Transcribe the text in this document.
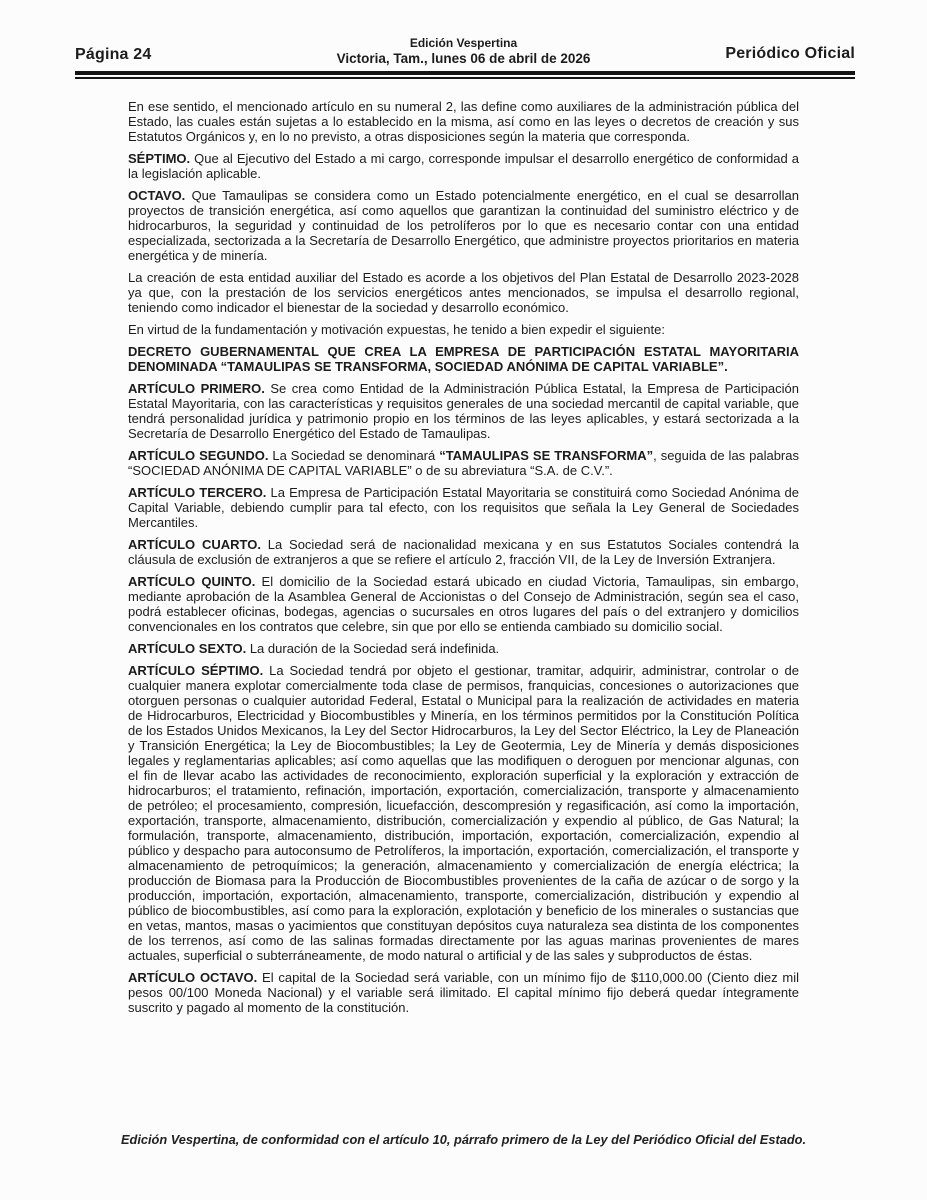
Página 24
Edición Vespertina
Victoria, Tam., lunes 06 de abril de 2026	Periódico Oficial

En ese sentido, el mencionado artículo en su numeral 2, las define como auxiliares de la administración pública del Estado, las cuales están sujetas a lo establecido en la misma, así como en las leyes o decretos de creación y sus Estatutos Orgánicos y, en lo no previsto, a otras disposiciones según la materia que corresponda.

SÉPTIMO. Que al Ejecutivo del Estado a mi cargo, corresponde impulsar el desarrollo energético de conformidad a la legislación aplicable.

OCTAVO. Que Tamaulipas se considera como un Estado potencialmente energético, en el cual se desarrollan proyectos de transición energética, así como aquellos que garantizan la continuidad del suministro eléctrico y de hidrocarburos, la seguridad y continuidad de los petrolíferos por lo que es necesario contar con una entidad especializada, sectorizada a la Secretaría de Desarrollo Energético, que administre proyectos prioritarios en materia energética y de minería.

La creación de esta entidad auxiliar del Estado es acorde a los objetivos del Plan Estatal de Desarrollo 2023-2028 ya que, con la prestación de los servicios energéticos antes mencionados, se impulsa el desarrollo regional, teniendo como indicador el bienestar de la sociedad y desarrollo económico.

En virtud de la fundamentación y motivación expuestas, he tenido a bien expedir el siguiente:

DECRETO GUBERNAMENTAL QUE CREA LA EMPRESA DE PARTICIPACIÓN ESTATAL MAYORITARIA DENOMINADA “TAMAULIPAS SE TRANSFORMA, SOCIEDAD ANÓNIMA DE CAPITAL VARIABLE”.

ARTÍCULO PRIMERO. Se crea como Entidad de la Administración Pública Estatal, la Empresa de Participación Estatal Mayoritaria, con las características y requisitos generales de una sociedad mercantil de capital variable, que tendrá personalidad jurídica y patrimonio propio en los términos de las leyes aplicables, y estará sectorizada a la Secretaría de Desarrollo Energético del Estado de Tamaulipas.

ARTÍCULO SEGUNDO. La Sociedad se denominará “TAMAULIPAS SE TRANSFORMA”, seguida de las palabras “SOCIEDAD ANÓNIMA DE CAPITAL VARIABLE” o de su abreviatura “S.A. de C.V.”.

ARTÍCULO TERCERO. La Empresa de Participación Estatal Mayoritaria se constituirá como Sociedad Anónima de Capital Variable, debiendo cumplir para tal efecto, con los requisitos que señala la Ley General de Sociedades Mercantiles.

ARTÍCULO CUARTO. La Sociedad será de nacionalidad mexicana y en sus Estatutos Sociales contendrá la cláusula de exclusión de extranjeros a que se refiere el artículo 2, fracción VII, de la Ley de Inversión Extranjera.

ARTÍCULO QUINTO. El domicilio de la Sociedad estará ubicado en ciudad Victoria, Tamaulipas, sin embargo, mediante aprobación de la Asamblea General de Accionistas o del Consejo de Administración, según sea el caso, podrá establecer oficinas, bodegas, agencias o sucursales en otros lugares del país o del extranjero y domicilios convencionales en los contratos que celebre, sin que por ello se entienda cambiado su domicilio social.

ARTÍCULO SEXTO. La duración de la Sociedad será indefinida.

ARTÍCULO SÉPTIMO. La Sociedad tendrá por objeto el gestionar, tramitar, adquirir, administrar, controlar o de cualquier manera explotar comercialmente toda clase de permisos, franquicias, concesiones o autorizaciones que otorguen personas o cualquier autoridad Federal, Estatal o Municipal para la realización de actividades en materia de Hidrocarburos, Electricidad y Biocombustibles y Minería, en los términos permitidos por la Constitución Política de los Estados Unidos Mexicanos, la Ley del Sector Hidrocarburos, la Ley del Sector Eléctrico, la Ley de Planeación y Transición Energética; la Ley de Biocombustibles; la Ley de Geotermia, Ley de Minería y demás disposiciones legales y reglamentarias aplicables; así como aquellas que las modifiquen o deroguen por mencionar algunas, con el fin de llevar acabo las actividades de reconocimiento, exploración superficial y la exploración y extracción de hidrocarburos; el tratamiento, refinación, importación, exportación, comercialización, transporte y almacenamiento de petróleo; el procesamiento, compresión, licuefacción, descompresión y regasificación, así como la importación, exportación, transporte, almacenamiento, distribución, comercialización y expendio al público, de Gas Natural; la formulación, transporte, almacenamiento, distribución, importación, exportación, comercialización, expendio al público y despacho para autoconsumo de Petrolíferos, la importación, exportación, comercialización, el transporte y almacenamiento de petroquímicos; la generación, almacenamiento y comercialización de energía eléctrica; la producción de Biomasa para la Producción de Biocombustibles provenientes de la caña de azúcar o de sorgo y la producción, importación, exportación, almacenamiento, transporte, comercialización, distribución y expendio al público de biocombustibles, así como para la exploración, explotación y beneficio de los minerales o sustancias que en vetas, mantos, masas o yacimientos que constituyan depósitos cuya naturaleza sea distinta de los componentes de los terrenos, así como de las salinas formadas directamente por las aguas marinas provenientes de mares actuales, superficial o subterráneamente, de modo natural o artificial y de las sales y subproductos de éstas.

ARTÍCULO OCTAVO. El capital de la Sociedad será variable, con un mínimo fijo de $110,000.00 (Ciento diez mil pesos 00/100 Moneda Nacional) y el variable será ilimitado. El capital mínimo fijo deberá quedar íntegramente suscrito y pagado al momento de la constitución.

Edición Vespertina, de conformidad con el artículo 10, párrafo primero de la Ley del Periódico Oficial del Estado.
